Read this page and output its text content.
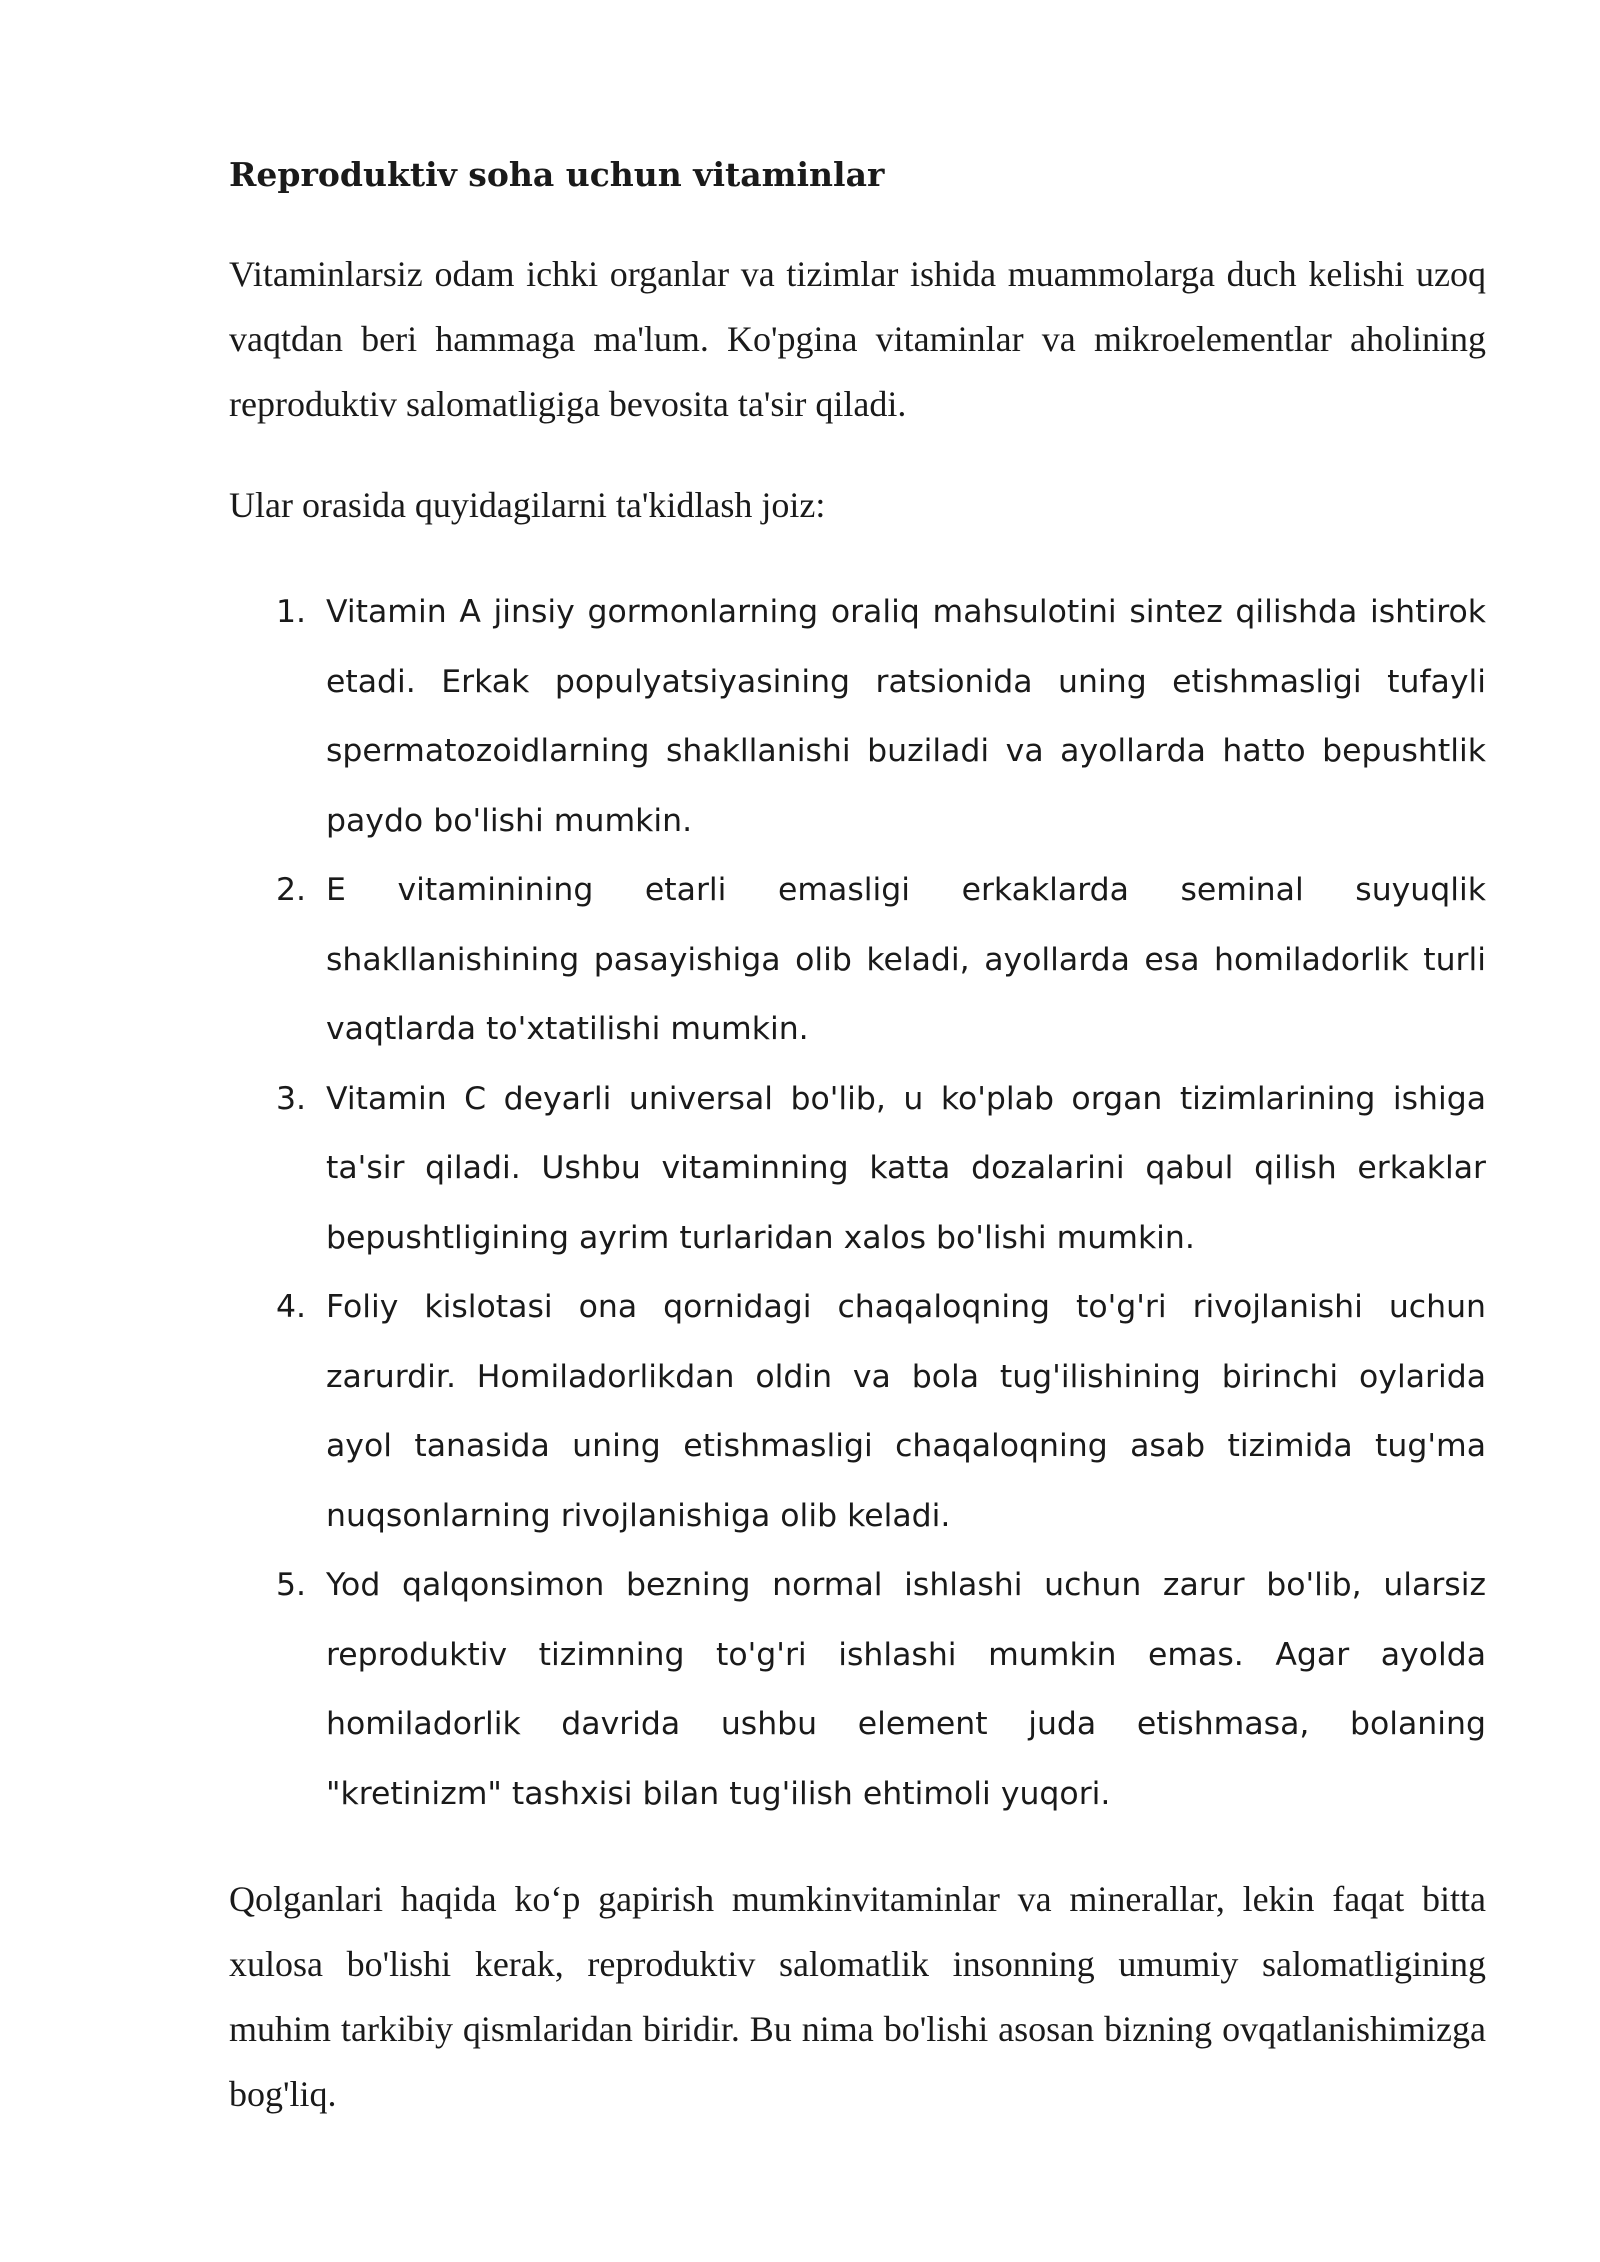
Reproduktiv soha uchun vitaminlar

Vitaminlarsiz odam ichki organlar va tizimlar ishida muammolarga duch kelishi uzoq vaqtdan beri hammaga ma'lum. Ko'pgina vitaminlar va mikroelementlar aholining reproduktiv salomatligiga bevosita ta'sir qiladi.

Ular orasida quyidagilarni ta'kidlash joiz:

1. Vitamin A jinsiy gormonlarning oraliq mahsulotini sintez qilishda ishtirok etadi. Erkak populyatsiyasining ratsionida uning etishmasligi tufayli spermatozoidlarning shakllanishi buziladi va ayollarda hatto bepushtlik paydo bo'lishi mumkin.
2. E vitaminining etarli emasligi erkaklarda seminal suyuqlik shakllanishining pasayishiga olib keladi, ayollarda esa homiladorlik turli vaqtlarda to'xtatilishi mumkin.
3. Vitamin C deyarli universal bo'lib, u ko'plab organ tizimlarining ishiga ta'sir qiladi. Ushbu vitaminning katta dozalarini qabul qilish erkaklar bepushtligining ayrim turlaridan xalos bo'lishi mumkin.
4. Foliy kislotasi ona qornidagi chaqaloqning to'g'ri rivojlanishi uchun zarurdir. Homiladorlikdan oldin va bola tug'ilishining birinchi oylarida ayol tanasida uning etishmasligi chaqaloqning asab tizimida tug'ma nuqsonlarning rivojlanishiga olib keladi.
5. Yod qalqonsimon bezning normal ishlashi uchun zarur bo'lib, ularsiz reproduktiv tizimning to'g'ri ishlashi mumkin emas. Agar ayolda homiladorlik davrida ushbu element juda etishmasa, bolaning "kretinizm" tashxisi bilan tug'ilish ehtimoli yuqori.

Qolganlari haqida ko‘p gapirish mumkinvitaminlar va minerallar, lekin faqat bitta xulosa bo'lishi kerak, reproduktiv salomatlik insonning umumiy salomatligining muhim tarkibiy qismlaridan biridir. Bu nima bo'lishi asosan bizning ovqatlanishimizga bog'liq.
